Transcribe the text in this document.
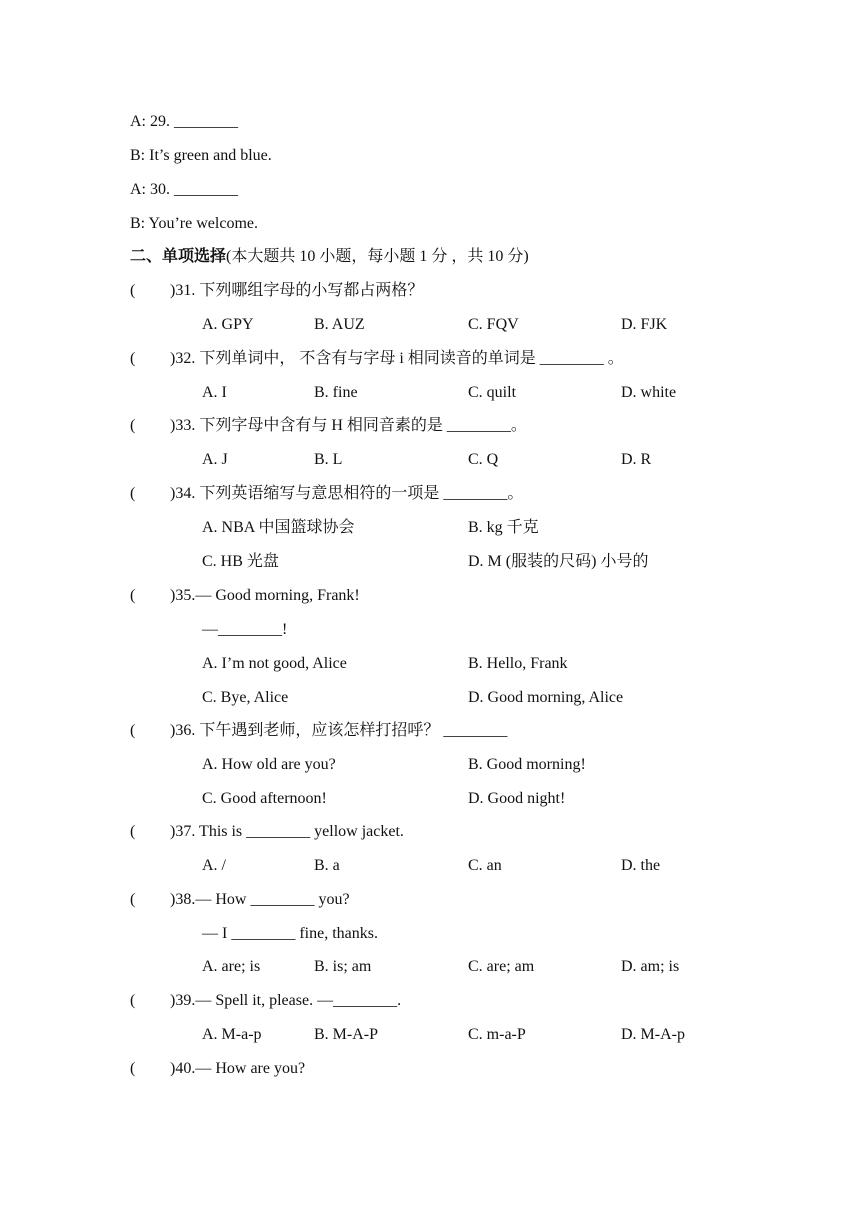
A: 29. ________
B: It’s green and blue.
A: 30. ________
B: You’re welcome.
二、单项选择(本大题共 10 小题，每小题 1 分 ，共 10 分)
( )31. 下列哪组字母的小写都占两格？
A. GPY	B. AUZ	C. FQV	D. FJK
( )32. 下列单词中， 不含有与字母 i 相同读音的单词是 ________ 。
A. I	B. fine	C. quilt	D. white
( )33. 下列字母中含有与 H 相同音素的是 ________。
A. J	B. L	C. Q	D. R
( )34. 下列英语缩写与意思相符的一项是 ________。
A. NBA 中国篮球协会	B. kg 千克
C. HB 光盘	D. M (服装的尺码) 小号的
( )35.— Good morning, Frank!
—________!
A. I’m not good, Alice	B. Hello, Frank
C. Bye, Alice	D. Good morning, Alice
( )36. 下午遇到老师，应该怎样打招呼？ ________
A. How old are you?	B. Good morning!
C. Good afternoon!	D. Good night!
( )37. This is ________ yellow jacket.
A. /	B. a	C. an	D. the
( )38.— How ________ you?
— I ________ fine, thanks.
A. are; is	B. is; am	C. are; am	D. am; is
( )39.— Spell it, please. —________.
A. M-a-p	B. M-A-P	C. m-a-P	D. M-A-p
( )40.— How are you?
